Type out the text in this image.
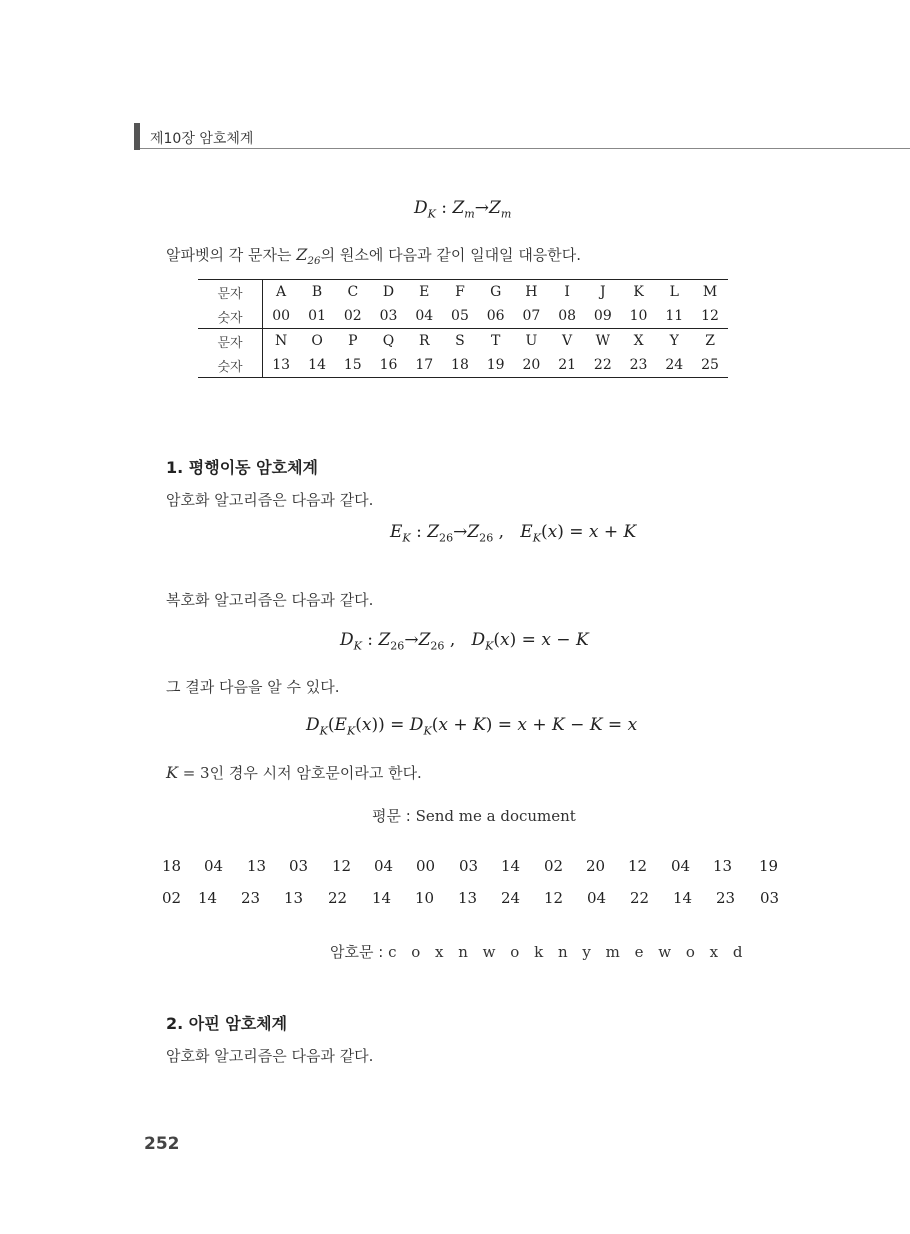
제10장 암호체계
$D_K$ : $Z_m\to Z_m$
알파벳의 각 문자는 $Z_{26}$의 원소에 다음과 같이 일대일 대응한다.
문자	A	B	C	D	E	F	G	H	I	J	K	L	M
숫자	00	01	02	03	04	05	06	07	08	09	10	11	12
문자	N	O	P	Q	R	S	T	U	V	W	X	Y	Z
숫자	13	14	15	16	17	18	19	20	21	22	23	24	25
1. 평행이동 암호체계
암호화 알고리즘은 다음과 같다.
$E_K$ : $Z_{26}\to Z_{26}$ ,   $E_K(x) = x + K$
복호화 알고리즘은 다음과 같다.
$D_K$ : $Z_{26}\to Z_{26}$ ,   $D_K(x) = x - K$
그 결과 다음을 알 수 있다.
$D_K(E_K(x)) = D_K(x + K) = x + K - K = x$
K = 3인 경우 시저 암호문이라고 한다.
평문 : Send me a document
18 04 13 03 12 04 00 03 14 02 20 12 04 13 19
02 14 23 13 22 14 10 13 24 12 04 22 14 23 03
암호문 : c o x n w o k n y m e w o x d
2. 아핀 암호체계
암호화 알고리즘은 다음과 같다.
252
